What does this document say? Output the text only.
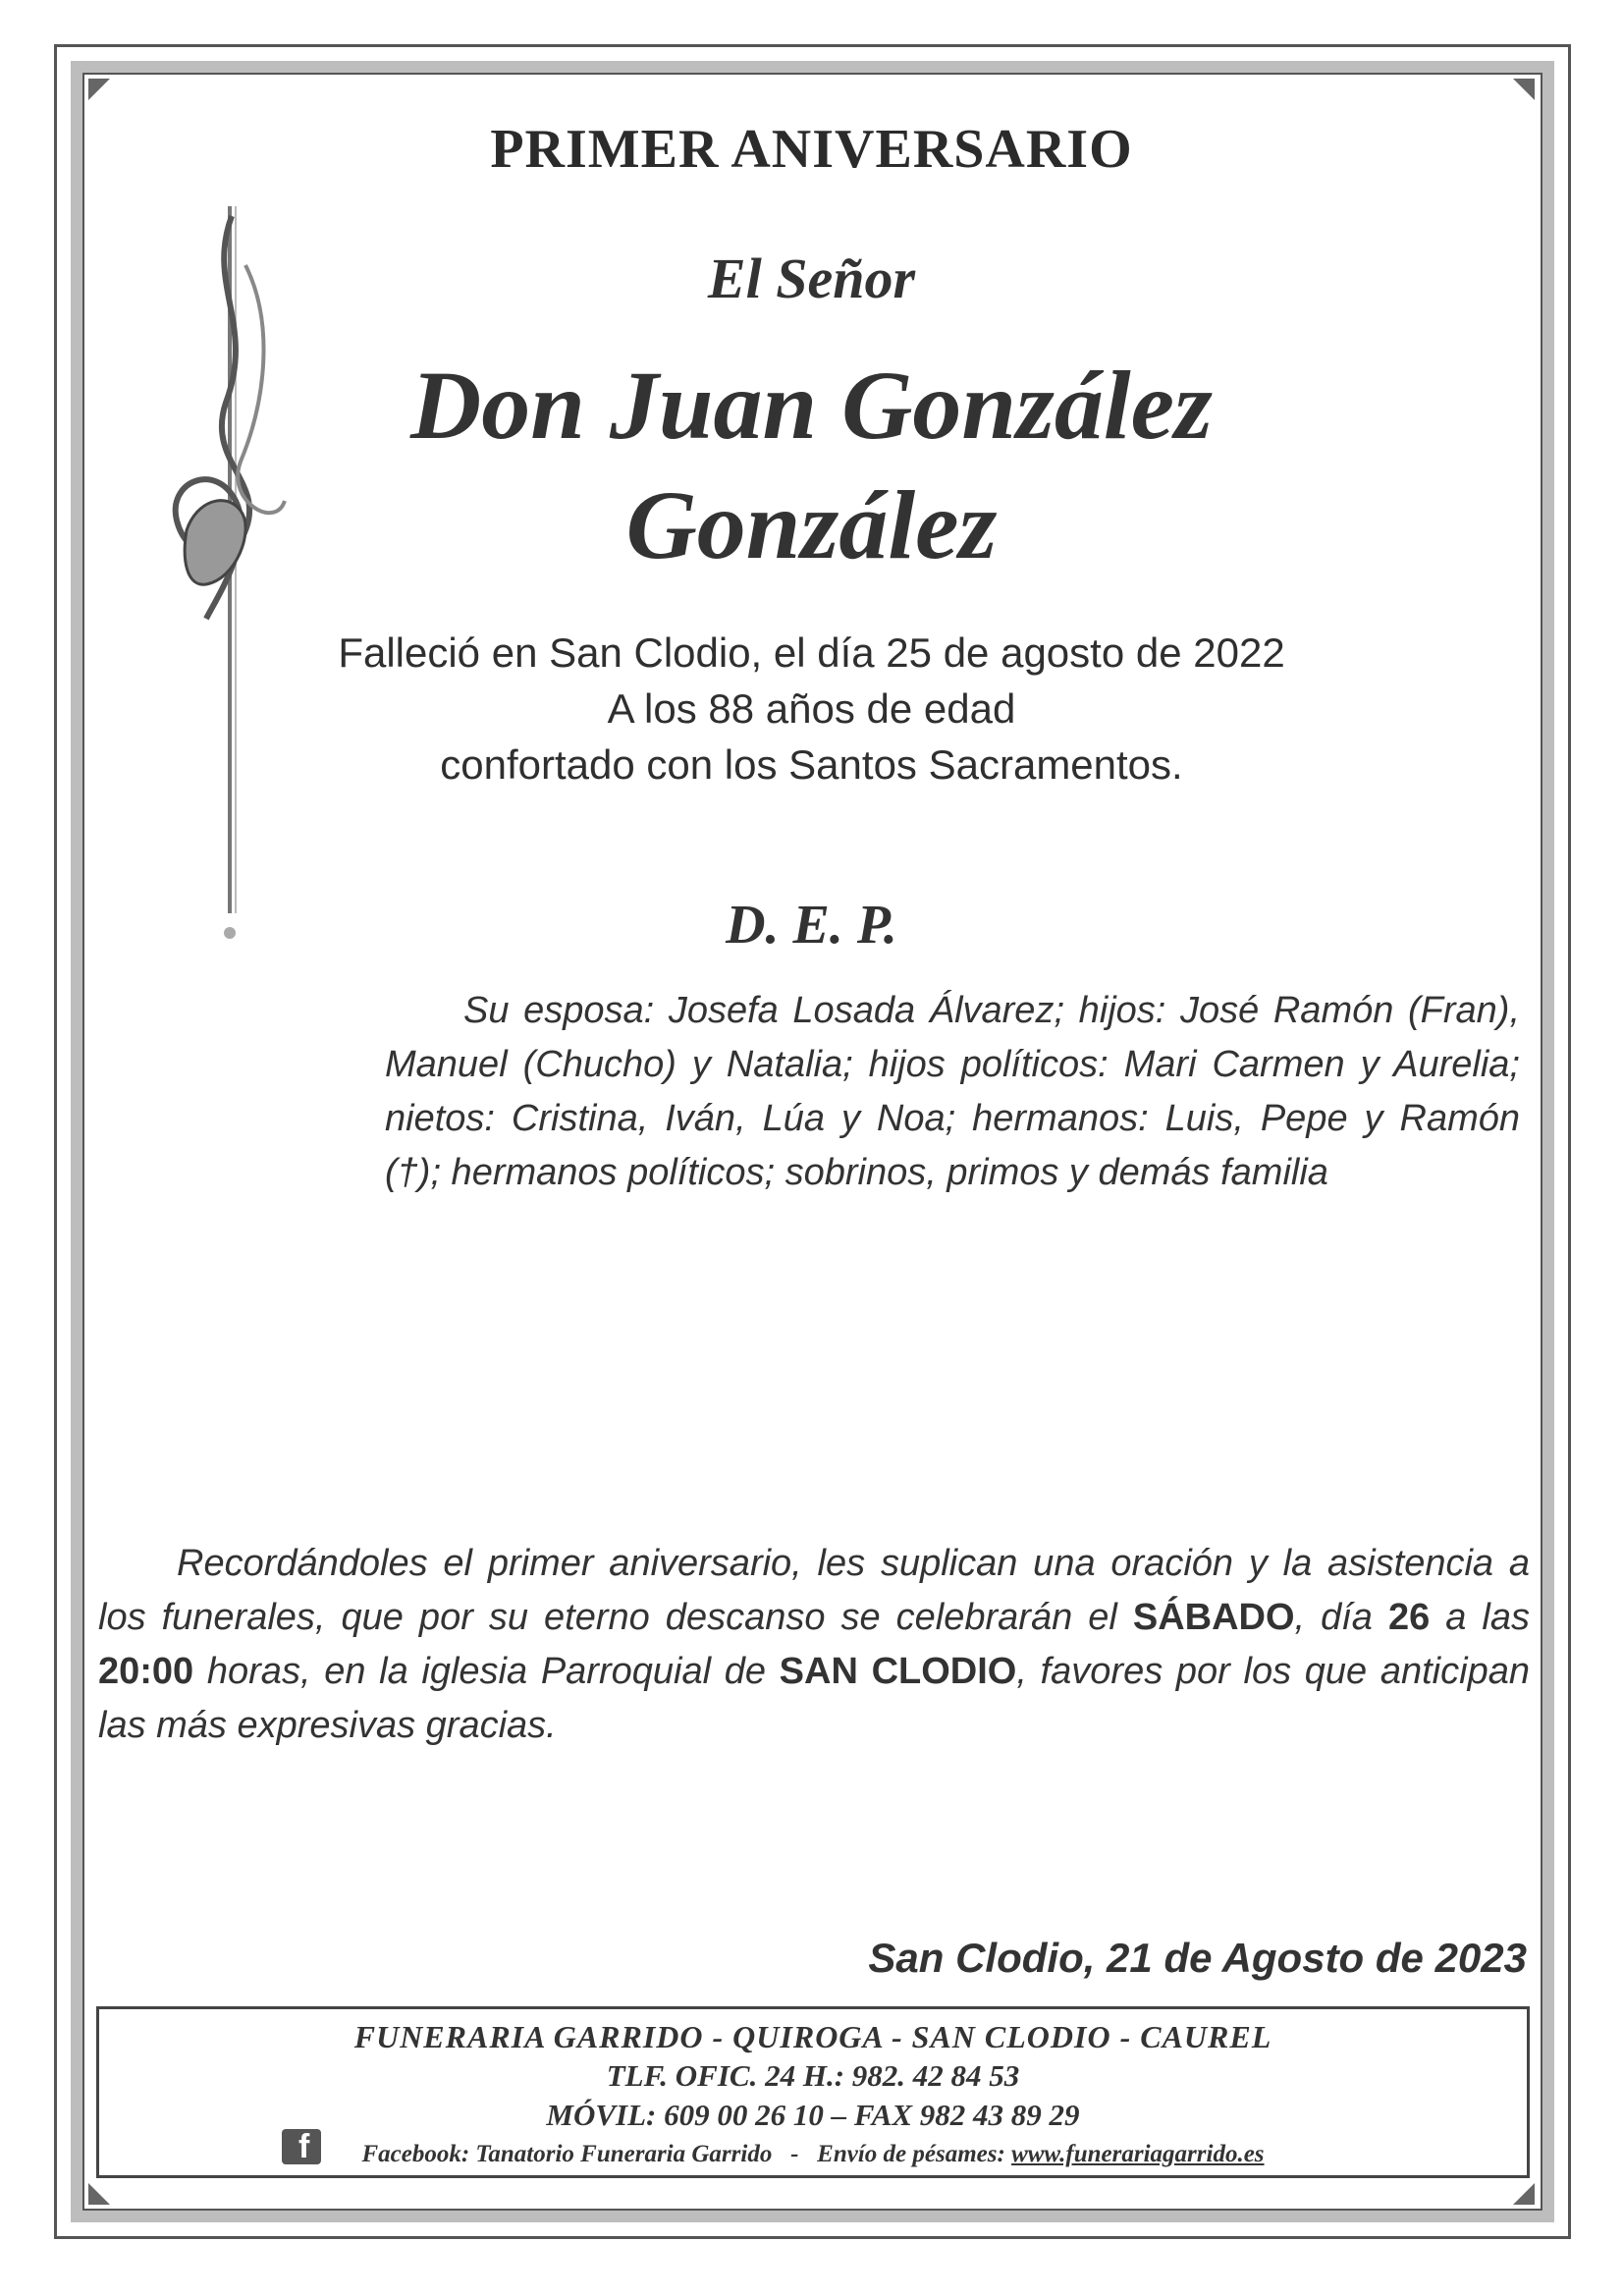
PRIMER ANIVERSARIO
El Señor
Don Juan González
González
Falleció en San Clodio, el día 25 de agosto de 2022
A los 88 años de edad
confortado con los Santos Sacramentos.
D. E. P.
Su esposa: Josefa Losada Álvarez; hijos: José Ramón (Fran), Manuel (Chucho) y Natalia; hijos políticos: Mari Carmen y Aurelia; nietos: Cristina, Iván, Lúa y Noa; hermanos: Luis, Pepe y Ramón (†); hermanos políticos; sobrinos, primos y demás familia
Recordándoles el primer aniversario, les suplican una oración y la asistencia a los funerales, que por su eterno descanso se celebrarán el SÁBADO, día 26 a las 20:00 horas, en la iglesia Parroquial de SAN CLODIO, favores por los que anticipan las más expresivas gracias.
San Clodio, 21 de Agosto de 2023
FUNERARIA GARRIDO - QUIROGA - SAN CLODIO - CAUREL
TLF. OFIC. 24 H.: 982. 42 84 53
MÓVIL: 609 00 26 10 – FAX 982 43 89 29
f	Facebook: Tanatorio Funeraria Garrido - Envío de pésames: www.funerariagarrido.es
